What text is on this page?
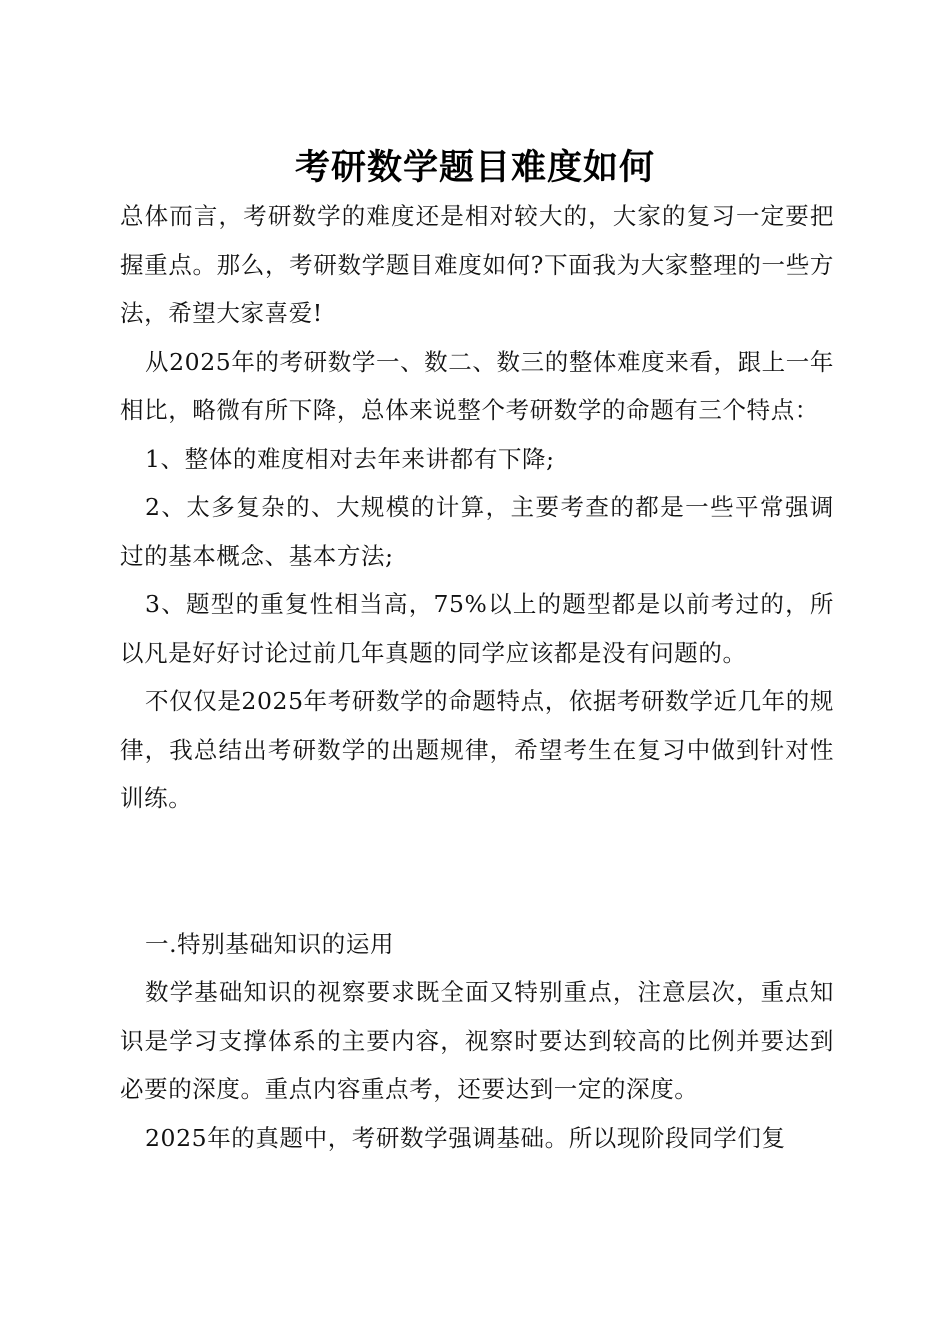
考研数学题目难度如何

总体而言，考研数学的难度还是相对较大的，大家的复习一定要把握重点。那么，考研数学题目难度如何?下面我为大家整理的一些方法，希望大家喜爱!

从2025年的考研数学一、数二、数三的整体难度来看，跟上一年相比，略微有所下降，总体来说整个考研数学的命题有三个特点：

1、整体的难度相对去年来讲都有下降;

2、太多复杂的、大规模的计算，主要考查的都是一些平常强调过的基本概念、基本方法;

3、题型的重复性相当高，75%以上的题型都是以前考过的，所以凡是好好讨论过前几年真题的同学应该都是没有问题的。

不仅仅是2025年考研数学的命题特点，依据考研数学近几年的规律，我总结出考研数学的出题规律，希望考生在复习中做到针对性训练。

一.特别基础知识的运用

数学基础知识的视察要求既全面又特别重点，注意层次，重点知识是学习支撑体系的主要内容，视察时要达到较高的比例并要达到必要的深度。重点内容重点考，还要达到一定的深度。

2025年的真题中，考研数学强调基础。所以现阶段同学们复
